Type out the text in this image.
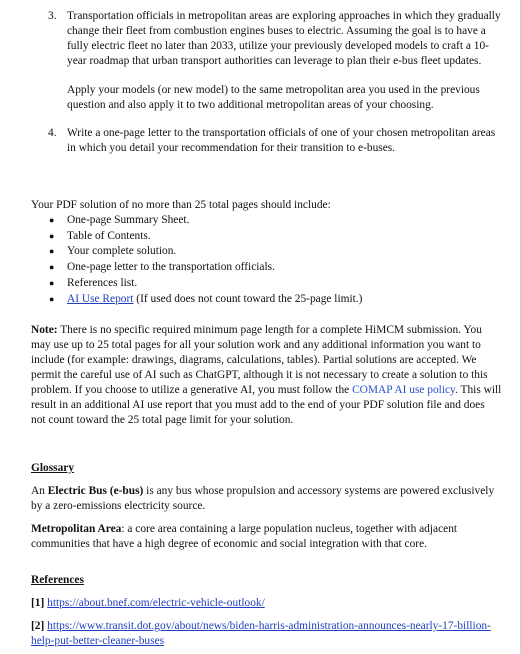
3. Transportation officials in metropolitan areas are exploring approaches in which they gradually change their fleet from combustion engines buses to electric. Assuming the goal is to have a fully electric fleet no later than 2033, utilize your previously developed models to craft a 10-year roadmap that urban transport authorities can leverage to plan their e-bus fleet updates.

Apply your models (or new model) to the same metropolitan area you used in the previous question and also apply it to two additional metropolitan areas of your choosing.

4. Write a one-page letter to the transportation officials of one of your chosen metropolitan areas in which you detail your recommendation for their transition to e-buses.

Your PDF solution of no more than 25 total pages should include:

● One-page Summary Sheet.
● Table of Contents.
● Your complete solution.
● One-page letter to the transportation officials.
● References list.
● AI Use Report (If used does not count toward the 25-page limit.)

Note: There is no specific required minimum page length for a complete HiMCM submission. You may use up to 25 total pages for all your solution work and any additional information you want to include (for example: drawings, diagrams, calculations, tables). Partial solutions are accepted. We permit the careful use of AI such as ChatGPT, although it is not necessary to create a solution to this problem. If you choose to utilize a generative AI, you must follow the COMAP AI use policy. This will result in an additional AI use report that you must add to the end of your PDF solution file and does not count toward the 25 total page limit for your solution.

Glossary

An Electric Bus (e-bus) is any bus whose propulsion and accessory systems are powered exclusively by a zero-emissions electricity source.

Metropolitan Area: a core area containing a large population nucleus, together with adjacent communities that have a high degree of economic and social integration with that core.

References

[1] https://about.bnef.com/electric-vehicle-outlook/

[2] https://www.transit.dot.gov/about/news/biden-harris-administration-announces-nearly-17-billion-help-put-better-cleaner-buses
